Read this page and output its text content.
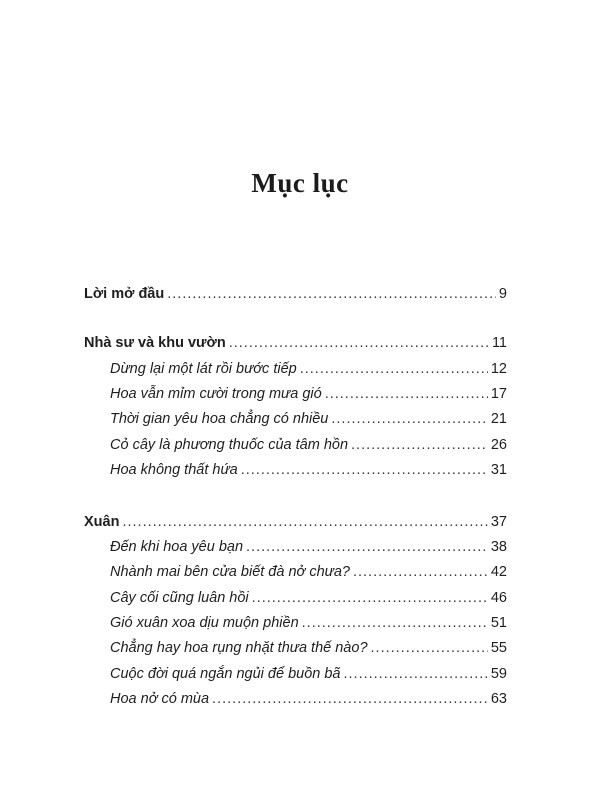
Mục lục
Lời mở đầu .....	9
Nhà sư và khu vườn .....	11
Dừng lại một lát rồi bước tiếp .....	12
Hoa vẫn mỉm cười trong mưa gió .....	17
Thời gian yêu hoa chẳng có nhiều .....	21
Cỏ cây là phương thuốc của tâm hồn .....	26
Hoa không thất hứa .....	31
Xuân .....	37
Đến khi hoa yêu bạn .....	38
Nhành mai bên cửa biết đà nở chưa? .....	42
Cây cối cũng luân hồi .....	46
Gió xuân xoa dịu muộn phiền .....	51
Chẳng hay hoa rụng nhặt thưa thế nào? .....	55
Cuộc đời quá ngắn ngủi để buồn bã .....	59
Hoa nở có mùa .....	63
